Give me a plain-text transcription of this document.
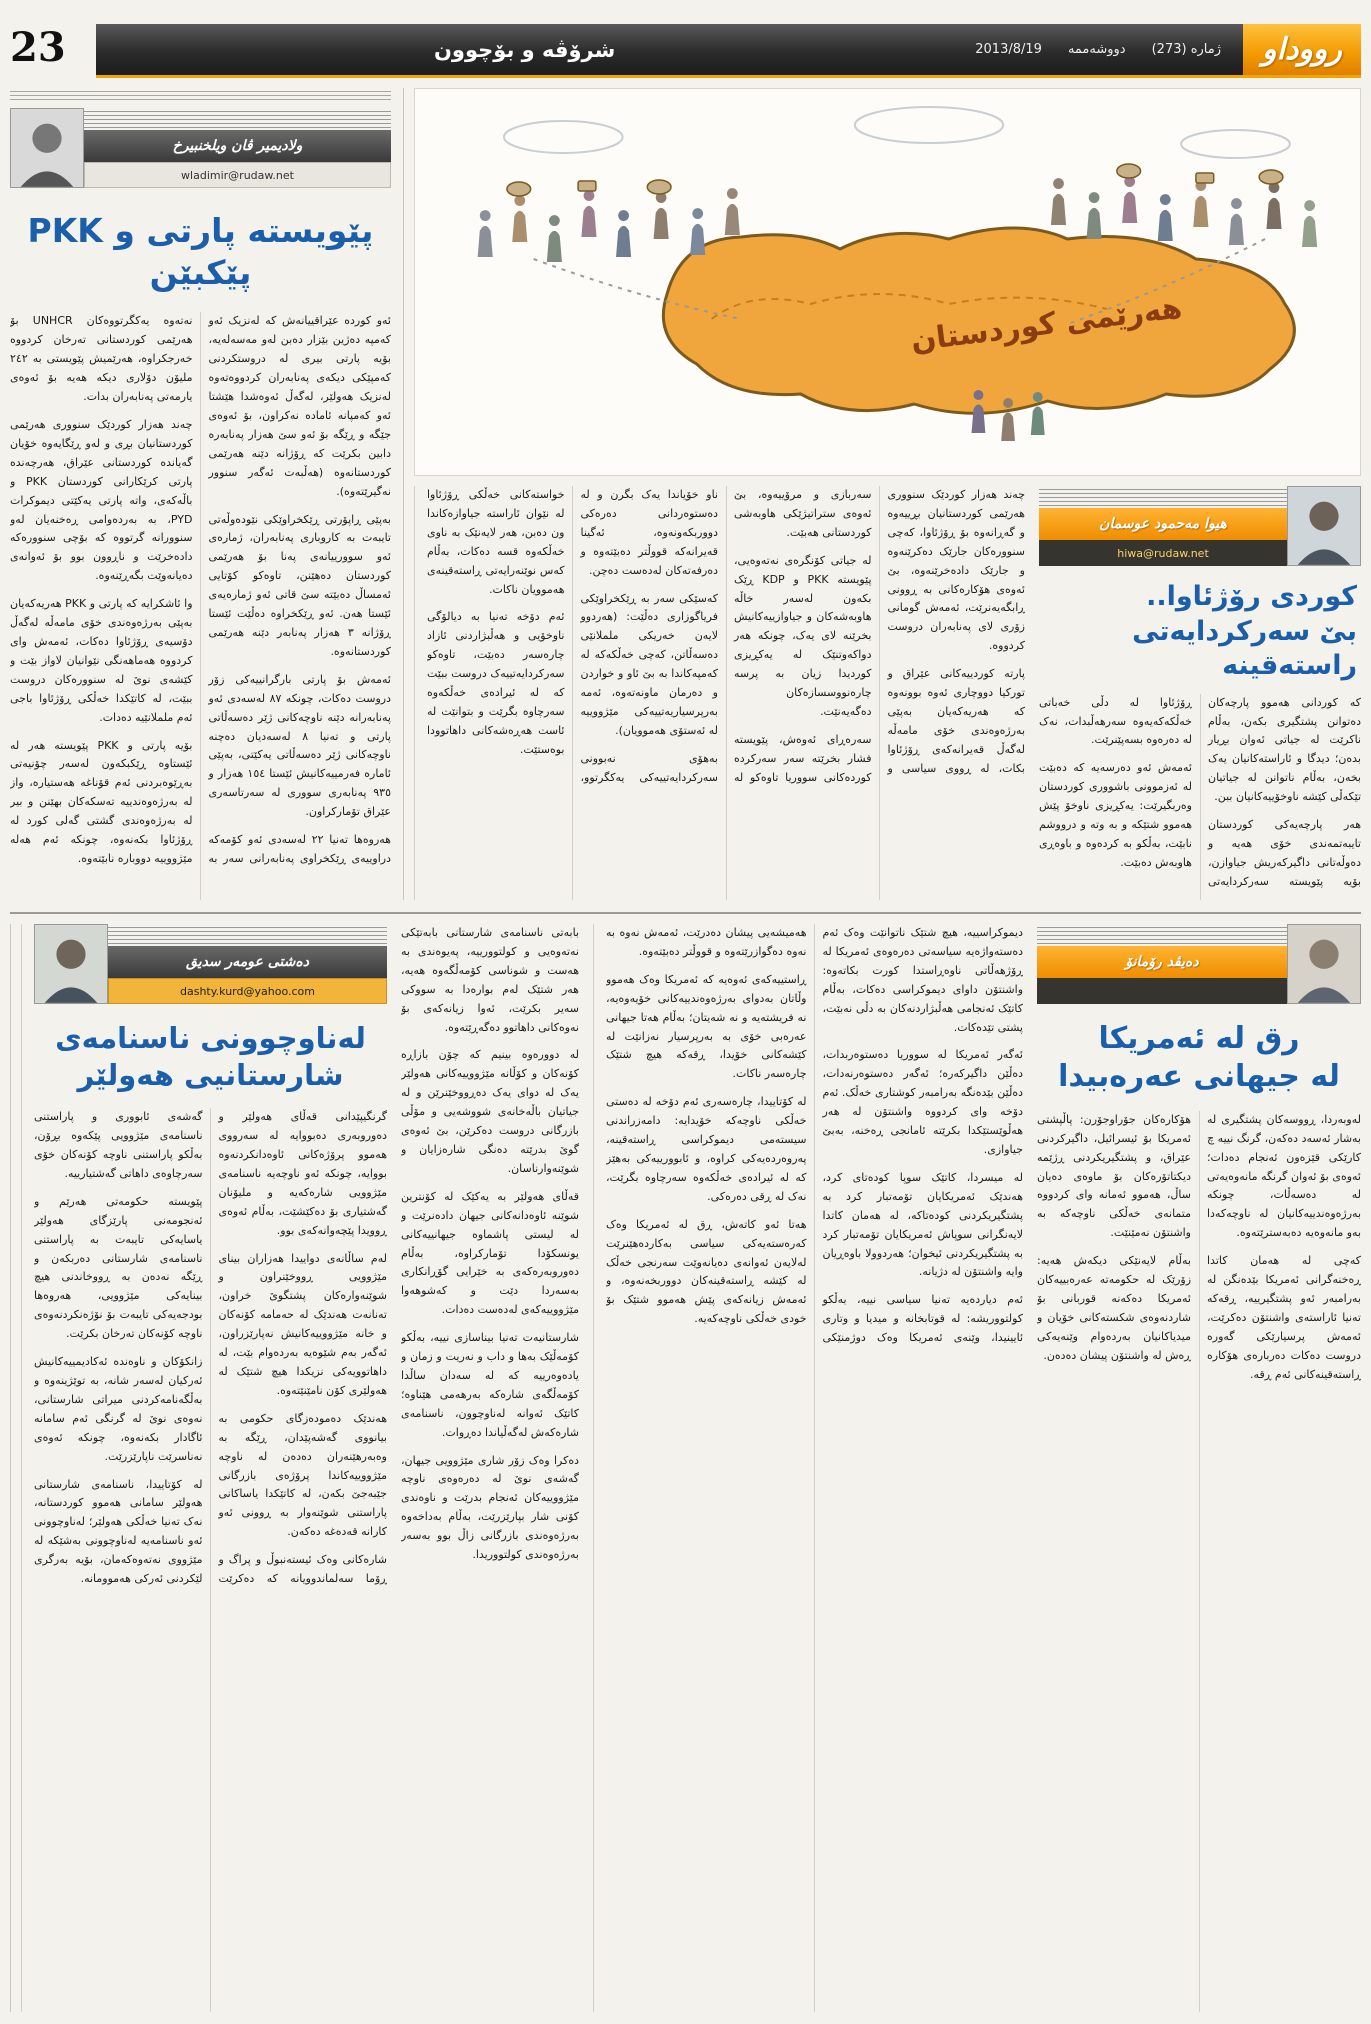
رووداو
ژمارە (273)
دووشەممە
2013/8/19
شرۆڤە و بۆچوون
23
هەرێمی کوردستان
هیوا مەحمود عوسمان
hiwa@rudaw.net
کوردی رۆژئاوا..
بێ سەرکردایەتی راستەقینە

کە کوردانی هەموو پارچەکان دەتوانن پشتگیری بکەن، بەڵام ناکرێت لە جیاتی ئەوان بڕیار بدەن؛ دیدگا و ئاراستەکانیان یەک بخەن، بەڵام ناتوانن لە جیاتیان تێکەڵی کێشە ناوخۆییەکانیان ببن.

هەر پارچەیەکی کوردستان تایبەتمەندی خۆی هەیە و دەوڵەتانی داگیرکەریش جیاوازن، بۆیە پێویستە سەرکردایەتی ڕۆژئاوا لە دڵی خەباتی خەڵکەکەیەوە سەرهەڵبدات، نەک لە دەرەوە بسەپێنرێت.

ئەمەش ئەو دەرسەیە کە دەبێت لە ئەزموونی باشووری کوردستان وەربگیرێت: یەکڕیزی ناوخۆ پێش هەموو شتێکە و بە وتە و درووشم نابێت، بەڵکو بە کردەوە و باوەڕی هاوبەش دەبێت.

چەند هەزار کوردێک سنووری هەرێمی کوردستانیان بڕییەوە و گەڕانەوە بۆ ڕۆژئاوا، کەچی سنوورەکان جارێک دەکرێنەوە و جارێک دادەخرێنەوە، بێ ئەوەی هۆکارەکانی بە ڕوونی ڕابگەیەنرێت، ئەمەش گومانی زۆری لای پەنابەران دروست کردووە.

پارتە کوردییەکانی عێراق و تورکیا دووچاری ئەوە بوونەوە کە هەریەکەیان بەپێی بەرژەوەندی خۆی مامەڵە لەگەڵ قەیرانەکەی ڕۆژئاوا بکات، لە ڕووی سیاسی و سەربازی و مرۆییەوە، بێ ئەوەی ستراتیژێکی هاوبەشی کوردستانی هەبێت.

لە جیاتی کۆنگرەی نەتەوەیی، پێویستە PKK و KDP ڕێک بکەون لەسەر خاڵە هاوبەشەکان و جیاوازییەکانیش بخرێنە لای یەک، چونکە هەر دواکەوتنێک لە یەکڕیزی کوردیدا زیان بە پرسە چارەنووسسازەکان دەگەیەنێت.

سەرەڕای ئەوەش، پێویستە فشار بخرێتە سەر سەرکردە کوردەکانی سووریا تاوەکو لە ناو خۆیاندا یەک بگرن و لە دەستوەردانی دەرەکی دووربکەونەوە، ئەگینا قەیرانەکە قووڵتر دەبێتەوە و دەرفەتەکان لەدەست دەچن.

کەسێکی سەر بە ڕێکخراوێکی فریاگوزاری دەڵێت: (هەردوو لایەن خەریکی ململانێی دەسەڵاتن، کەچی خەڵکەکە لە کەمپەکاندا بە بێ ئاو و خواردن و دەرمان ماونەتەوە، ئەمە بەرپرسیاریەتییەکی مێژووییە لە ئەستۆی هەموویان).

بەهۆی نەبوونی سەرکردایەتییەکی یەکگرتوو، خواستەکانی خەڵکی ڕۆژئاوا لە نێوان ئاراستە جیاوازەکاندا ون دەبن، هەر لایەنێک بە ناوی خەڵکەوە قسە دەکات، بەڵام کەس نوێنەرایەتی ڕاستەقینەی هەموویان ناکات.

ئەم دۆخە تەنیا بە دیالۆگی ناوخۆیی و هەڵبژاردنی ئازاد چارەسەر دەبێت، تاوەکو سەرکردایەتییەک دروست ببێت کە لە ئیرادەی خەڵکەوە سەرچاوە بگرێت و بتوانێت لە ئاست هەڕەشەکانی داهاتوودا بوەستێت.

ولادیمیر ڤان ویلخنبیرخ
wladimir@rudaw.net
پێویستە پارتی و PKK
پێکبێن

ئەو کوردە عێراقییانەش کە لەنزیک ئەو کەمپە دەژین بێزار دەبن لەو مەسەلەیە، بۆیە پارتی بیری لە دروستکردنی کەمپێکی دیکەی پەنابەران کردووەتەوە لەنزیک هەولێر، لەگەڵ ئەوەشدا هێشتا ئەو کەمپانە ئامادە نەکراون، بۆ ئەوەی جێگە و ڕێگە بۆ ئەو سێ هەزار پەنابەرە دابین بکرێت کە ڕۆژانە دێنە هەرێمی کوردستانەوە (هەڵبەت ئەگەر سنوور نەگیرێتەوە).

بەپێی ڕاپۆرتی ڕێکخراوێکی نێودەوڵەتی تایبەت بە کاروباری پەنابەران، ژمارەی ئەو سوورییانەی پەنا بۆ هەرێمی کوردستان دەهێنن، تاوەکو کۆتایی ئەمساڵ دەبێتە سێ قاتی ئەو ژمارەیەی ئێستا هەن. ئەو ڕێکخراوە دەڵێت ئێستا ڕۆژانە ٣ هەزار پەنابەر دێنە هەرێمی کوردستانەوە.

ئەمەش بۆ پارتی بارگرانییەکی زۆر دروست دەکات، چونکە ٨٧ لەسەدی ئەو پەنابەرانە دێنە ناوچەکانی ژێر دەسەڵاتی پارتی و تەنیا ٨ لەسەدیان دەچنە ناوچەکانی ژێر دەسەڵاتی یەکێتی، بەپێی ئامارە فەرمییەکانیش ئێستا ١٥٤ هەزار و ٩٣٥ پەنابەری سووری لە سەرتاسەری عێراق تۆمارکراون.

هەروەها تەنیا ٢٢ لەسەدی ئەو کۆمەکە دراوییەی ڕێکخراوی پەنابەرانی سەر بە نەتەوە یەکگرتووەکان UNHCR بۆ هەرێمی کوردستانی تەرخان کردووە خەرجکراوە، هەرێمیش پێویستی بە ٢٤٢ ملیۆن دۆلاری دیکە هەیە بۆ ئەوەی یارمەتی پەنابەران بدات.

چەند هەزار کوردێک سنووری هەرێمی کوردستانیان بڕی و لەو ڕێگایەوە خۆیان گەیاندە کوردستانی عێراق، هەرچەندە پارتی کرێکارانی کوردستان PKK و باڵەکەی، واتە پارتی یەکێتی دیموکرات PYD، بە بەردەوامی ڕەخنەیان لەو سنوورانە گرتووە کە بۆچی سنوورەکە دادەخرێت و ناڕوون بوو بۆ ئەوانەی دەیانەوێت بگەڕێنەوە.

وا ئاشکرایە کە پارتی و PKK هەریەکەیان بەپێی بەرژەوەندی خۆی مامەڵە لەگەڵ دۆسیەی ڕۆژئاوا دەکات، ئەمەش وای کردووە هەماهەنگی نێوانیان لاواز بێت و کێشەی نوێ لە سنوورەکان دروست ببێت، لە کاتێکدا خەڵکی ڕۆژئاوا باجی ئەم ململانێیە دەدات.

بۆیە پارتی و PKK پێویستە هەر لە ئێستاوە ڕێکبکەون لەسەر چۆنیەتی بەڕێوەبردنی ئەم قۆناغە هەستیارە، واز لە بەرژەوەندییە تەسکەکان بهێنن و بیر لە بەرژەوەندی گشتی گەلی کورد لە ڕۆژئاوا بکەنەوە، چونکە ئەم هەلە مێژووییە دووبارە نابێتەوە.

دەیڤد رۆمانۆ

رق لە ئەمریکا
لە جیهانی عەرەبیدا

لەوبەردا، ڕووسەکان پشتگیری لە بەشار ئەسەد دەکەن، گرنگ نییە چ کارێکی قێزەون ئەنجام دەدات؛ ئەوەی بۆ ئەوان گرنگە مانەوەیەتی لە دەسەڵات، چونکە بەرژەوەندییەکانیان لە ناوچەکەدا بەو مانەوەیە دەبەسترێتەوە.

کەچی لە هەمان کاتدا ڕەخنەگرانی ئەمریکا بێدەنگن لە بەرامبەر ئەو پشتگیرییە، ڕقەکە تەنیا ئاراستەی واشنتۆن دەکرێت، ئەمەش پرسیارێکی گەورە دروست دەکات دەربارەی هۆکارە ڕاستەقینەکانی ئەم ڕقە.

هۆکارەکان جۆراوجۆرن: پاڵپشتی ئەمریکا بۆ ئیسرائیل، داگیرکردنی عێراق، و پشتگیریکردنی ڕژێمە دیکتاتۆرەکان بۆ ماوەی دەیان ساڵ، هەموو ئەمانە وای کردووە متمانەی خەڵکی ناوچەکە بە واشنتۆن نەمێنێت.

بەڵام لایەنێکی دیکەش هەیە: زۆرێک لە حکومەتە عەرەبییەکان ئەمریکا دەکەنە قوربانی بۆ شاردنەوەی شکستەکانی خۆیان و میدیاکانیان بەردەوام وێنەیەکی ڕەش لە واشنتۆن پیشان دەدەن.

دیموکراسییە، هیچ شتێک ناتوانێت وەک ئەم دەستەواژەیە سیاسەتی دەرەوەی ئەمریکا لە ڕۆژهەڵاتی ناوەڕاستدا کورت بکاتەوە: واشنتۆن داوای دیموکراسی دەکات، بەڵام کاتێک ئەنجامی هەڵبژاردنەکان بە دڵی نەبێت، پشتی تێدەکات.

ئەگەر ئەمریکا لە سووریا دەستوەربدات، دەڵێن داگیرکەرە؛ ئەگەر دەستوەرنەدات، دەڵێن بێدەنگە بەرامبەر کوشتاری خەڵک. ئەم دۆخە وای کردووە واشنتۆن لە هەر هەڵوێستێکدا بکرێتە ئامانجی ڕەخنە، بەبێ جیاوازی.

لە میسردا، کاتێک سوپا کودەتای کرد، هەندێک ئەمریکایان تۆمەتبار کرد بە پشتگیریکردنی کودەتاکە، لە هەمان کاتدا لایەنگرانی سوپاش ئەمریکایان تۆمەتبار کرد بە پشتگیریکردنی ئیخوان؛ هەردوولا باوەڕیان وایە واشنتۆن لە دژیانە.

ئەم دیاردەیە تەنیا سیاسی نییە، بەڵکو کولتووریشە: لە قوتابخانە و میدیا و وتاری ئایینیدا، وێنەی ئەمریکا وەک دوژمنێکی هەمیشەیی پیشان دەدرێت، ئەمەش نەوە بە نەوە دەگوازرێتەوە و قووڵتر دەبێتەوە.

ڕاستییەکەی ئەوەیە کە ئەمریکا وەک هەموو وڵاتان بەدوای بەرژەوەندییەکانی خۆیەوەیە، نە فریشتەیە و نە شەیتان؛ بەڵام هەتا جیهانی عەرەبی خۆی بە بەرپرسیار نەزانێت لە کێشەکانی خۆیدا، ڕقەکە هیچ شتێک چارەسەر ناکات.

لە کۆتاییدا، چارەسەری ئەم دۆخە لە دەستی خەڵکی ناوچەکە خۆیدایە: دامەزراندنی سیستەمی دیموکراسی ڕاستەقینە، پەروەردەیەکی کراوە، و ئابوورییەکی بەهێز کە لە ئیرادەی خەڵکەوە سەرچاوە بگرێت، نەک لە ڕقی دەرەکی.

هەتا ئەو کاتەش، ڕق لە ئەمریکا وەک کەرەستەیەکی سیاسی بەکاردەهێنرێت لەلایەن ئەوانەی دەیانەوێت سەرنجی خەڵک لە کێشە ڕاستەقینەکان دووربخەنەوە، و ئەمەش زیانەکەی پێش هەموو شتێک بۆ خودی خەڵکی ناوچەکەیە.

بابەتی ناسنامەی شارستانی بابەتێکی نەتەوەیی و کولتوورییە، پەیوەندی بە هەست و شوناسی کۆمەڵگەوە هەیە، هەر شتێک لەم بوارەدا بە سووکی سەیر بکرێت، ئەوا زیانەکەی بۆ نەوەکانی داهاتوو دەگەڕێتەوە.

لە دوورەوە بینیم کە چۆن بازاڕە کۆنەکان و کۆڵانە مێژووییەکانی هەولێر یەک لە دوای یەک دەڕووخێنرێن و لە جیاتیان باڵەخانەی شووشەیی و مۆڵی بازرگانی دروست دەکرێن، بێ ئەوەی گوێ بدرێتە دەنگی شارەزایان و شوێنەوارناسان.

قەڵای هەولێر بە یەکێک لە کۆنترین شوێنە ئاوەدانەکانی جیهان دادەنرێت و لە لیستی پاشماوە جیهانییەکانی یونسکۆدا تۆمارکراوە، بەڵام دەوروبەرەکەی بە خێرایی گۆڕانکاری بەسەردا دێت و کەشوهەوا مێژووییەکەی لەدەست دەدات.

شارستانیەت تەنیا بیناسازی نییە، بەڵکو کۆمەڵێک بەها و داب و نەریت و زمان و یادەوەرییە کە لە سەدان ساڵدا کۆمەڵگەی شارەکە بەرهەمی هێناوە؛ کاتێک ئەوانە لەناوچوون، ناسنامەی شارەکەش لەگەڵیاندا دەڕوات.

دەکرا وەک زۆر شاری مێژوویی جیهان، گەشەی نوێ لە دەرەوەی ناوچە مێژووییەکان ئەنجام بدرێت و ناوەندی کۆنی شار بپارێزرێت، بەڵام بەداخەوە بەرژەوەندی بازرگانی زاڵ بوو بەسەر بەرژەوەندی کولتووریدا.

دەشتی عومەر سدیق
dashty.kurd@yahoo.com
لەناوچوونی ناسنامەی
شارستانیی هەولێر

گرنگیپێدانی قەڵای هەولێر و دەوروبەری دەبووایە لە سەرووی هەموو پرۆژەکانی ئاوەدانکردنەوە بووایە، چونکە ئەو ناوچەیە ناسنامەی مێژوویی شارەکەیە و ملیۆنان گەشتیاری بۆ دەکێشێت، بەڵام ئەوەی ڕوویدا پێچەوانەکەی بوو.

لەم ساڵانەی دواییدا هەزاران بینای مێژوویی ڕووخێنراون و شوێنەوارەکان پشتگوێ خراون، تەنانەت هەندێک لە حەمامە کۆنەکان و خانە مێژووییەکانیش نەپارێزراون، ئەگەر بەم شێوەیە بەردەوام بێت، لە داهاتوویەکی نزیکدا هیچ شتێک لە هەولێری کۆن نامێنێتەوە.

هەندێک دەمودەزگای حکومی بە بیانووی گەشەپێدان، ڕێگە بە وەبەرهێنەران دەدەن لە ناوچە مێژووییەکاندا پرۆژەی بازرگانی جێبەجێ بکەن، لە کاتێکدا یاساکانی پاراستنی شوێنەوار بە ڕوونی ئەو کارانە قەدەغە دەکەن.

شارەکانی وەک ئیستەنبوڵ و پراگ و ڕۆما سەلماندوویانە کە دەکرێت گەشەی ئابووری و پاراستنی ناسنامەی مێژوویی پێکەوە بڕۆن، بەڵکو پاراستنی ناوچە کۆنەکان خۆی سەرچاوەی داهاتی گەشتیارییە.

پێویستە حکومەتی هەرێم و ئەنجومەنی پارێزگای هەولێر یاسایەکی تایبەت بە پاراستنی ناسنامەی شارستانی دەربکەن و ڕێگە نەدەن بە ڕووخاندنی هیچ بینایەکی مێژوویی، هەروەها بودجەیەکی تایبەت بۆ نۆژەنکردنەوەی ناوچە کۆنەکان تەرخان بکرێت.

زانکۆکان و ناوەندە ئەکادیمییەکانیش ئەرکیان لەسەر شانە، بە توێژینەوە و بەڵگەنامەکردنی میراتی شارستانی، نەوەی نوێ لە گرنگی ئەم سامانە ئاگادار بکەنەوە، چونکە ئەوەی نەناسرێت ناپارێزرێت.

لە کۆتاییدا، ناسنامەی شارستانی هەولێر سامانی هەموو کوردستانە، نەک تەنیا خەڵکی هەولێر؛ لەناوچوونی ئەو ناسنامەیە لەناوچوونی بەشێکە لە مێژووی نەتەوەکەمان، بۆیە بەرگری لێکردنی ئەرکی هەموومانە.
